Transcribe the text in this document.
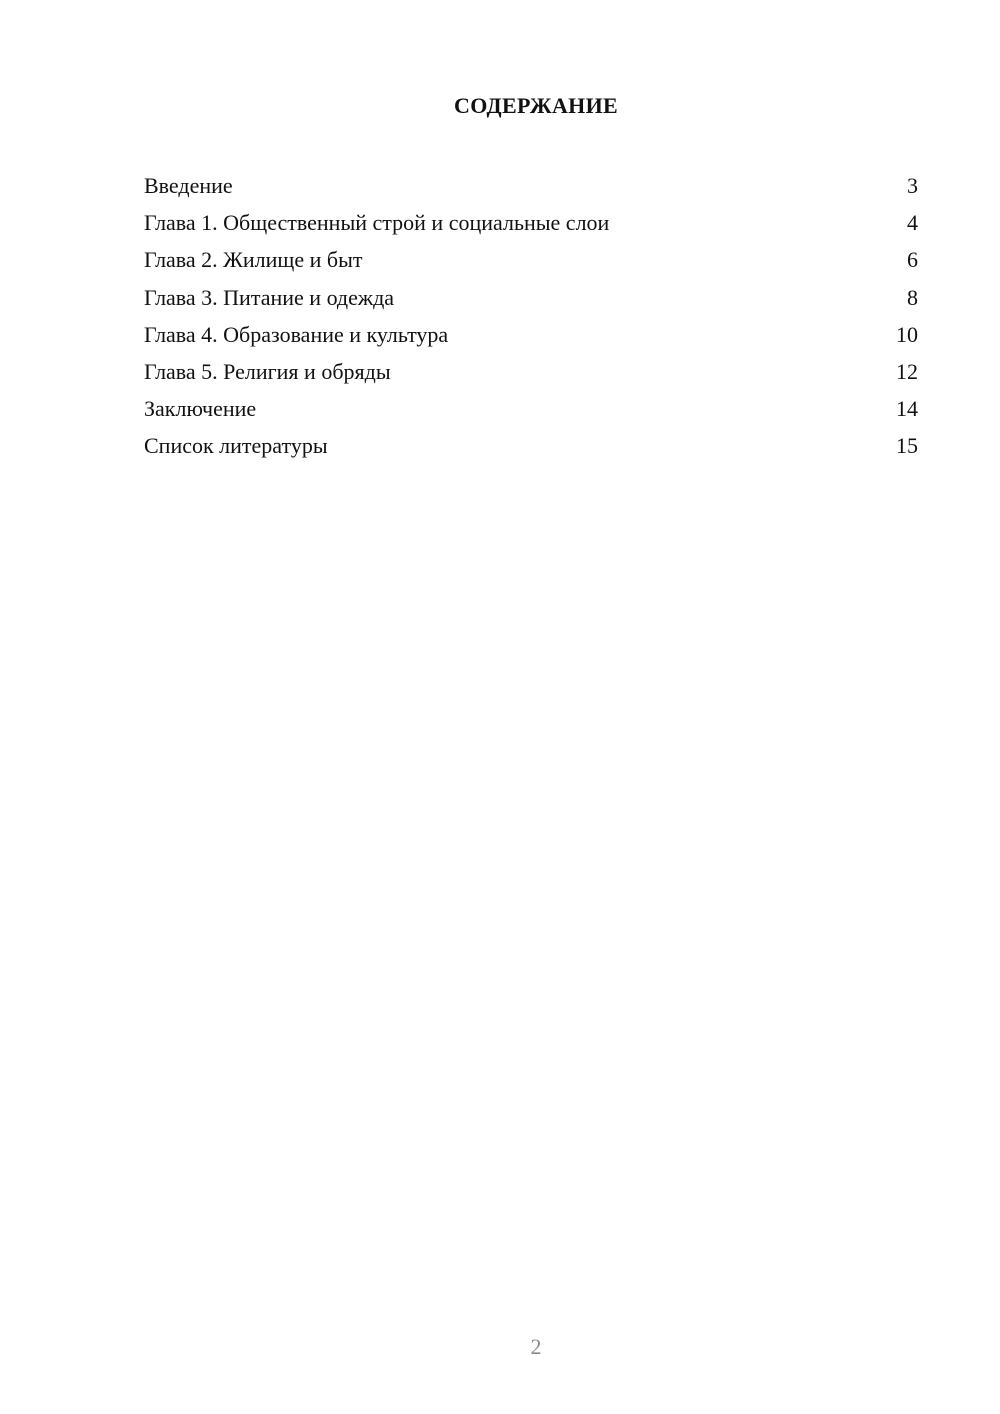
СОДЕРЖАНИЕ
Введение	3
Глава 1. Общественный строй и социальные слои	4
Глава 2. Жилище и быт	6
Глава 3. Питание и одежда	8
Глава 4. Образование и культура	10
Глава 5. Религия и обряды	12
Заключение	14
Список литературы	15
2
